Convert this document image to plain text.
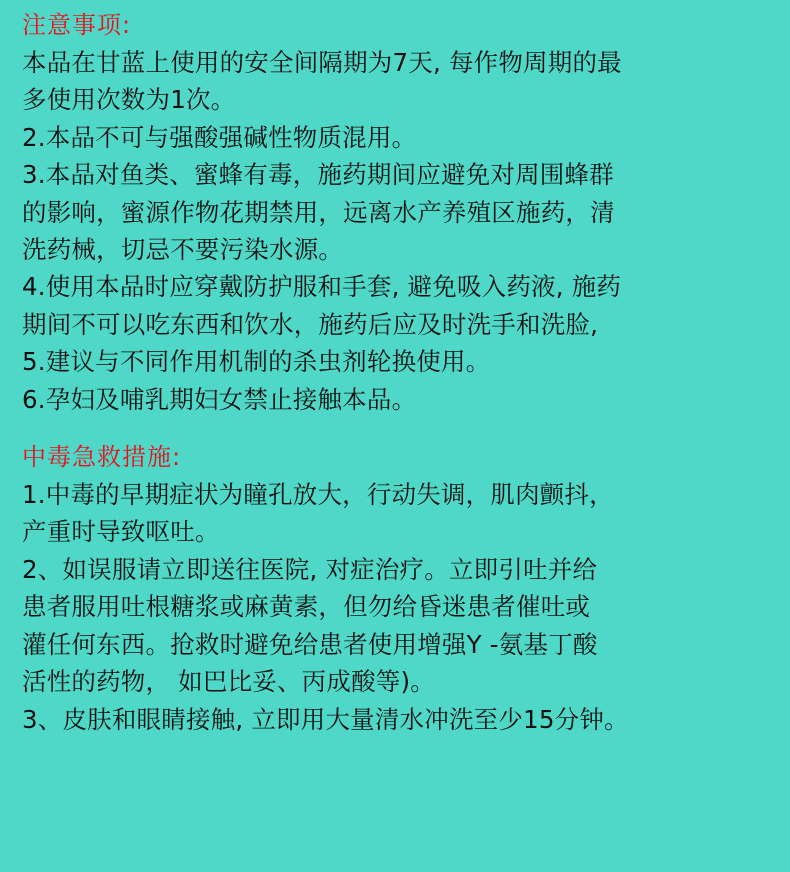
注意事项:

本品在甘蓝上使用的安全间隔期为7天, 每作物周期的最

多使用次数为1次。

2.本品不可与强酸强碱性物质混用。

3.本品对鱼类、蜜蜂有毒，施药期间应避免对周围蜂群

的影响，蜜源作物花期禁用，远离水产养殖区施药，清

洗药械，切忌不要污染水源。

4.使用本品时应穿戴防护服和手套, 避免吸入药液, 施药

期间不可以吃东西和饮水，施药后应及时洗手和洗脸,

5.建议与不同作用机制的杀虫剂轮换使用。

6.孕妇及哺乳期妇女禁止接触本品。

中毒急救措施:

1.中毒的早期症状为瞳孔放大，行动失调，肌肉颤抖，

产重时导致呕吐。

2、如误服请立即送往医院, 对症治疗。立即引吐并给

患者服用吐根糖浆或麻黄素，但勿给昏迷患者催吐或

灌任何东西。抢救时避免给患者使用增强Y -氨基丁酸

活性的药物， 如巴比妥、丙成酸等)。

3、皮肤和眼睛接触, 立即用大量清水冲洗至少15分钟。
